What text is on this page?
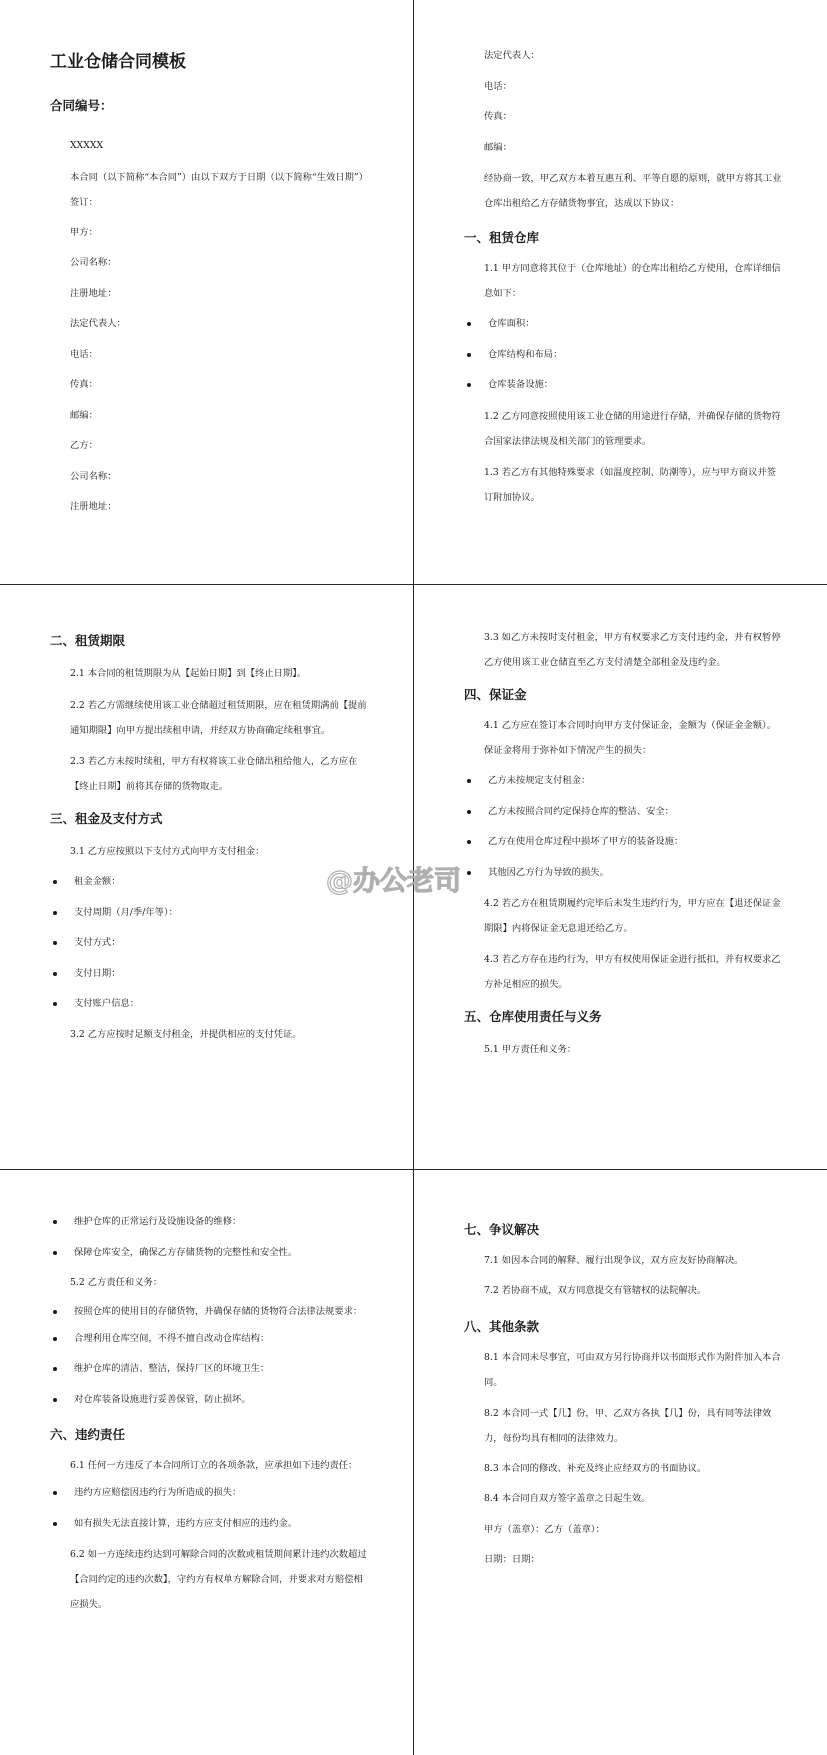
工业仓储合同模板
合同编号：
XXXXX
本合同（以下简称“本合同”）由以下双方于日期（以下简称“生效日期”）签订：
甲方：
公司名称：
注册地址：
法定代表人：
电话：
传真：
邮编：
乙方：
公司名称：
注册地址：
法定代表人：
电话：
传真：
邮编：
经协商一致，甲乙双方本着互惠互利、平等自愿的原则，就甲方将其工业仓库出租给乙方存储货物事宜，达成以下协议：
一、租赁仓库
1.1 甲方同意将其位于（仓库地址）的仓库出租给乙方使用，仓库详细信息如下：
仓库面积：
仓库结构和布局：
仓库装备设施：
1.2 乙方同意按照使用该工业仓储的用途进行存储，并确保存储的货物符合国家法律法规及相关部门的管理要求。
1.3 若乙方有其他特殊要求（如温度控制、防潮等），应与甲方商议并签订附加协议。
二、租赁期限
2.1 本合同的租赁期限为从【起始日期】到【终止日期】。
2.2 若乙方需继续使用该工业仓储超过租赁期限，应在租赁期满前【提前通知期限】向甲方提出续租申请，并经双方协商确定续租事宜。
2.3 若乙方未按时续租，甲方有权将该工业仓储出租给他人，乙方应在【终止日期】前将其存储的货物取走。
三、租金及支付方式
3.1 乙方应按照以下支付方式向甲方支付租金：
租金金额：
支付周期（月/季/年等）：
支付方式：
支付日期：
支付账户信息：
3.2 乙方应按时足额支付租金，并提供相应的支付凭证。
3.3 如乙方未按时支付租金，甲方有权要求乙方支付违约金，并有权暂停乙方使用该工业仓储直至乙方支付清楚全部租金及违约金。
四、保证金
4.1 乙方应在签订本合同时向甲方支付保证金，金额为（保证金金额）。保证金将用于弥补如下情况产生的损失：
乙方未按规定支付租金：
乙方未按照合同约定保持仓库的整洁、安全：
乙方在使用仓库过程中损坏了甲方的装备设施：
其他因乙方行为导致的损失。
4.2 若乙方在租赁期履约完毕后未发生违约行为，甲方应在【退还保证金期限】内将保证金无息退还给乙方。
4.3 若乙方存在违约行为，甲方有权使用保证金进行抵扣，并有权要求乙方补足相应的损失。
五、仓库使用责任与义务
5.1 甲方责任和义务：
维护仓库的正常运行及设施设备的维修：
保障仓库安全，确保乙方存储货物的完整性和安全性。
5.2 乙方责任和义务：
按照仓库的使用目的存储货物，并确保存储的货物符合法律法规要求：
合理利用仓库空间，不得不擅自改动仓库结构：
维护仓库的清洁、整洁，保持厂区的环境卫生：
对仓库装备设施进行妥善保管，防止损坏。
六、违约责任
6.1 任何一方违反了本合同所订立的各项条款，应承担如下违约责任：
违约方应赔偿因违约行为所造成的损失：
如有损失无法直接计算，违约方应支付相应的违约金。
6.2 如一方连续违约达到可解除合同的次数或租赁期间累计违约次数超过【合同约定的违约次数】，守约方有权单方解除合同，并要求对方赔偿相应损失。
七、争议解决
7.1 如因本合同的解释、履行出现争议，双方应友好协商解决。
7.2 若协商不成，双方同意提交有管辖权的法院解决。
八、其他条款
8.1 本合同未尽事宜，可由双方另行协商并以书面形式作为附件加入本合同。
8.2 本合同一式【几】份，甲、乙双方各执【几】份，具有同等法律效力，每份均具有相同的法律效力。
8.3 本合同的修改、补充及终止应经双方的书面协议。
8.4 本合同自双方签字盖章之日起生效。
甲方（盖章）：乙方（盖章）：
日期：日期：
@办公老司
